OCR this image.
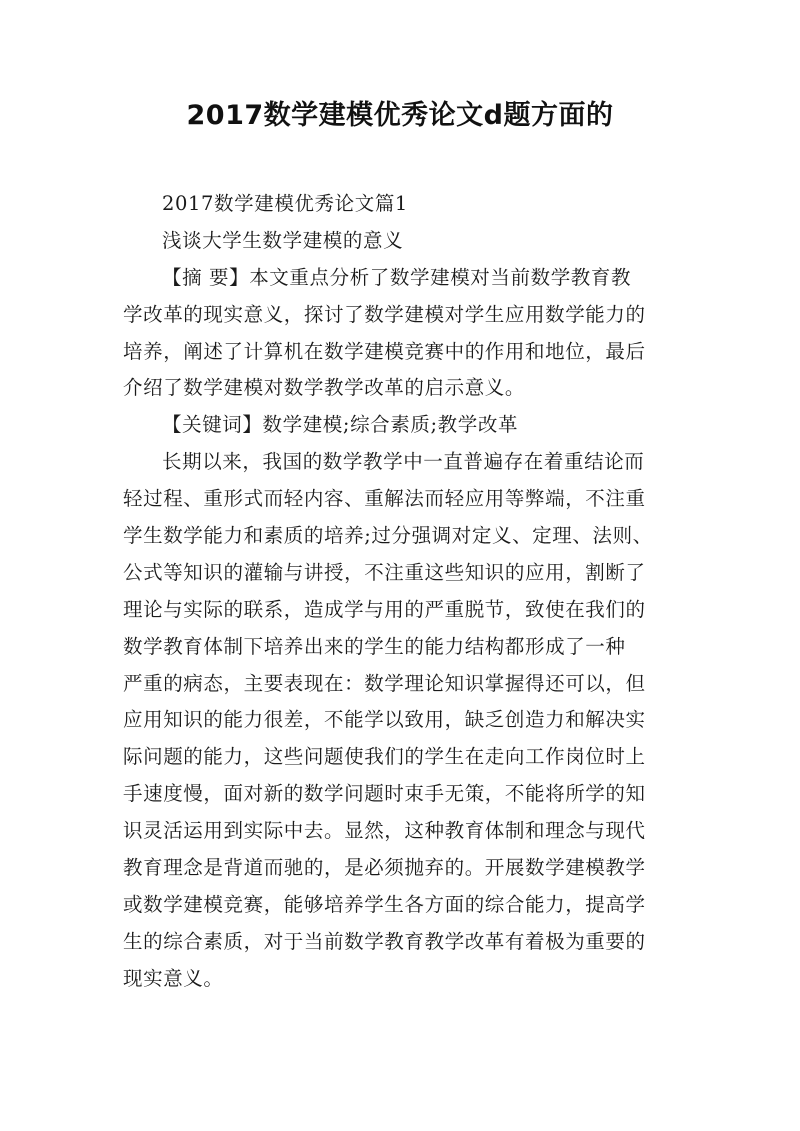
2017数学建模优秀论文d题方面的
2017数学建模优秀论文篇1
浅谈大学生数学建模的意义
【摘 要】本文重点分析了数学建模对当前数学教育教
学改革的现实意义，探讨了数学建模对学生应用数学能力的
培养，阐述了计算机在数学建模竞赛中的作用和地位，最后
介绍了数学建模对数学教学改革的启示意义。
【关键词】数学建模;综合素质;教学改革
长期以来，我国的数学教学中一直普遍存在着重结论而
轻过程、重形式而轻内容、重解法而轻应用等弊端，不注重
学生数学能力和素质的培养;过分强调对定义、定理、法则、
公式等知识的灌输与讲授，不注重这些知识的应用，割断了
理论与实际的联系，造成学与用的严重脱节，致使在我们的
数学教育体制下培养出来的学生的能力结构都形成了一种
严重的病态，主要表现在：数学理论知识掌握得还可以，但
应用知识的能力很差，不能学以致用，缺乏创造力和解决实
际问题的能力，这些问题使我们的学生在走向工作岗位时上
手速度慢，面对新的数学问题时束手无策，不能将所学的知
识灵活运用到实际中去。显然，这种教育体制和理念与现代
教育理念是背道而驰的，是必须抛弃的。开展数学建模教学
或数学建模竞赛，能够培养学生各方面的综合能力，提高学
生的综合素质，对于当前数学教育教学改革有着极为重要的
现实意义。
